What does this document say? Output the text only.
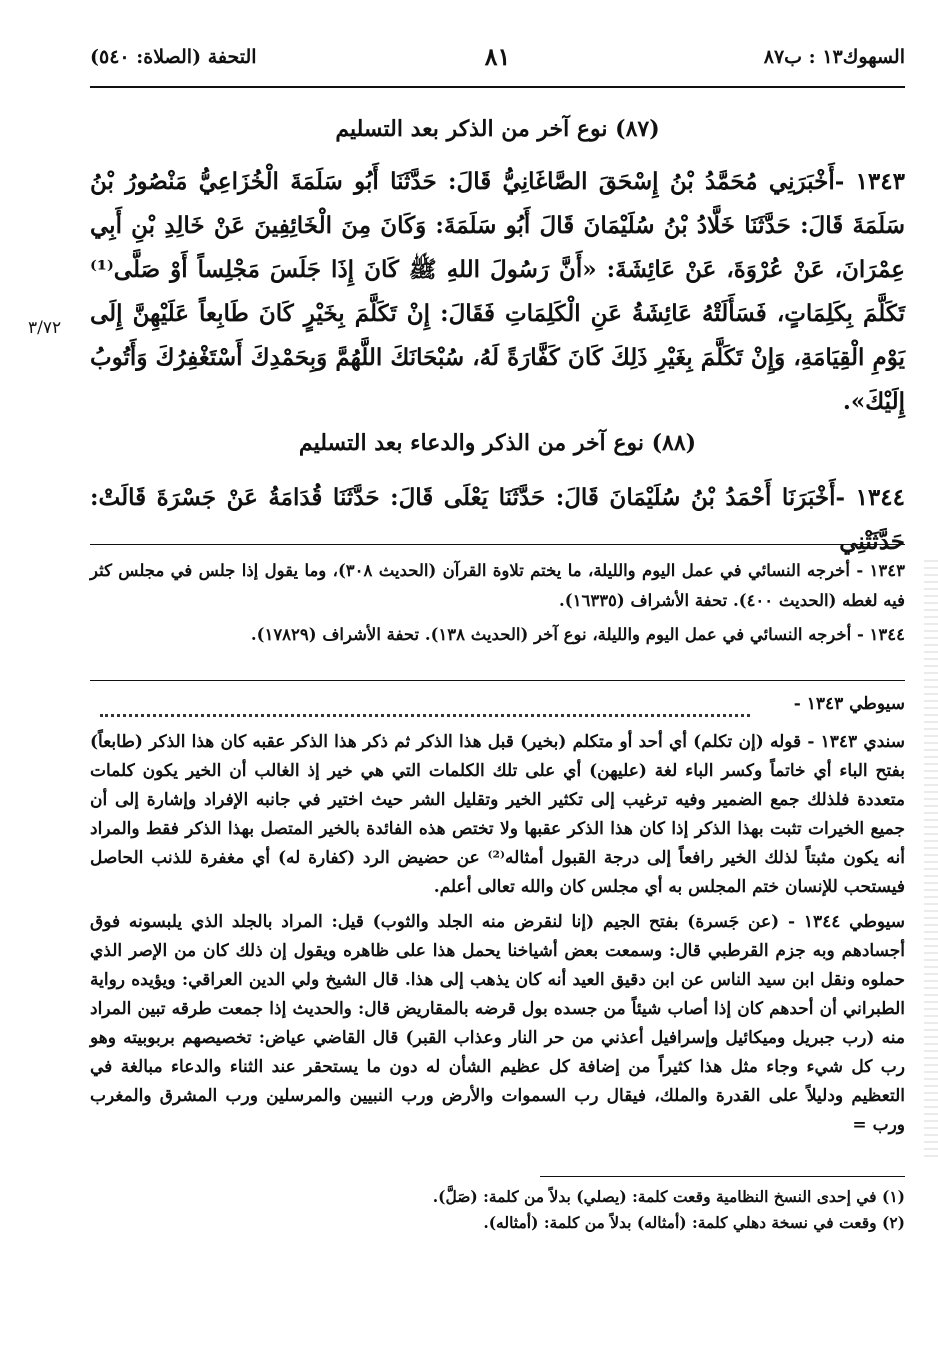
السهوك١٣ : ب٨٧
٨١
التحفة (الصلاة: ٥٤٠)
(٨٧) نوع آخر من الذكر بعد التسليم

١٣٤٣ -أَخْبَرَنِي مُحَمَّدُ بْنُ إِسْحَقَ الصَّاغَانِيُّ قَالَ: حَدَّثَنَا أَبُو سَلَمَةَ الْخُزَاعِيُّ مَنْصُورُ بْنُ سَلَمَةَ قَالَ: حَدَّثَنَا خَلَّادُ بْنُ سُلَيْمَانَ قَالَ أَبُو سَلَمَةَ: وَكَانَ مِنَ الْخَائِفِينَ عَنْ خَالِدِ بْنِ أَبِي عِمْرَانَ، عَنْ عُرْوَةَ، عَنْ عَائِشَةَ: «أَنَّ رَسُولَ اللهِ ﷺ كَانَ إِذَا جَلَسَ مَجْلِساً أَوْ صَلَّى⁽¹⁾ تَكَلَّمَ بِكَلِمَاتٍ، فَسَأَلَتْهُ عَائِشَةُ عَنِ الْكَلِمَاتِ فَقَالَ: إِنْ تَكَلَّمَ بِخَيْرٍ كَانَ طَابِعاً عَلَيْهِنَّ إِلَى يَوْمِ الْقِيَامَةِ، وَإِنْ تَكَلَّمَ بِغَيْرِ ذَلِكَ كَانَ كَفَّارَةً لَهُ، سُبْحَانَكَ اللَّهُمَّ وَبِحَمْدِكَ أَسْتَغْفِرُكَ وَأَتُوبُ إِلَيْكَ».

٣/٧٢
(٨٨) نوع آخر من الذكر والدعاء بعد التسليم

١٣٤٤ -أَخْبَرَنَا أَحْمَدُ بْنُ سُلَيْمَانَ قَالَ: حَدَّثَنَا يَعْلَى قَالَ: حَدَّثَنَا قُدَامَةُ عَنْ جَسْرَةَ قَالَتْ: حَدَّثَتْنِي

١٣٤٣ - أخرجه النسائي في عمل اليوم والليلة، ما يختم تلاوة القرآن (الحديث ٣٠٨)، وما يقول إذا جلس في مجلس كثر فيه لغطه (الحديث ٤٠٠). تحفة الأشراف (١٦٣٣٥).

١٣٤٤ - أخرجه النسائي في عمل اليوم والليلة، نوع آخر (الحديث ١٣٨). تحفة الأشراف (١٧٨٢٩).

سيوطي ١٣٤٣ -

سندي ١٣٤٣ - قوله (إن تكلم) أي أحد أو متكلم (بخير) قبل هذا الذكر ثم ذكر هذا الذكر عقبه كان هذا الذكر (طابعاً) بفتح الباء أي خاتماً وكسر الباء لغة (عليهن) أي على تلك الكلمات التي هي خير إذ الغالب أن الخير يكون كلمات متعددة فلذلك جمع الضمير وفيه ترغيب إلى تكثير الخير وتقليل الشر حيث اختير في جانبه الإفراد وإشارة إلى أن جميع الخيرات تثبت بهذا الذكر إذا كان هذا الذكر عقبها ولا تختص هذه الفائدة بالخير المتصل بهذا الذكر فقط والمراد أنه يكون مثبتاً لذلك الخير رافعاً إلى درجة القبول أمثاله⁽²⁾ عن حضيض الرد (كفارة له) أي مغفرة للذنب الحاصل فيستحب للإنسان ختم المجلس به أي مجلس كان والله تعالى أعلم.

سيوطي ١٣٤٤ - (عن جَسرة) بفتح الجيم (إنا لنقرض منه الجلد والثوب) قيل: المراد بالجلد الذي يلبسونه فوق أجسادهم وبه جزم القرطبي قال: وسمعت بعض أشياخنا يحمل هذا على ظاهره ويقول إن ذلك كان من الإصر الذي حملوه ونقل ابن سيد الناس عن ابن دقيق العيد أنه كان يذهب إلى هذا. قال الشيخ ولي الدين العراقي: ويؤيده رواية الطبراني أن أحدهم كان إذا أصاب شيئاً من جسده بول قرضه بالمقاريض قال: والحديث إذا جمعت طرقه تبين المراد منه (رب جبريل وميكائيل وإسرافيل أعذني من حر النار وعذاب القبر) قال القاضي عياض: تخصيصهم بربوبيته وهو رب كل شيء وجاء مثل هذا كثيراً من إضافة كل عظيم الشأن له دون ما يستحقر عند الثناء والدعاء مبالغة في التعظيم ودليلاً على القدرة والملك، فيقال رب السموات والأرض ورب النبيين والمرسلين ورب المشرق والمغرب ورب =

(١) في إحدى النسخ النظامية وقعت كلمة: (يصلي) بدلاً من كلمة: (صَلَّ).

(٢) وقعت في نسخة دهلي كلمة: (أمثاله) بدلاً من كلمة: (أمثاله).
